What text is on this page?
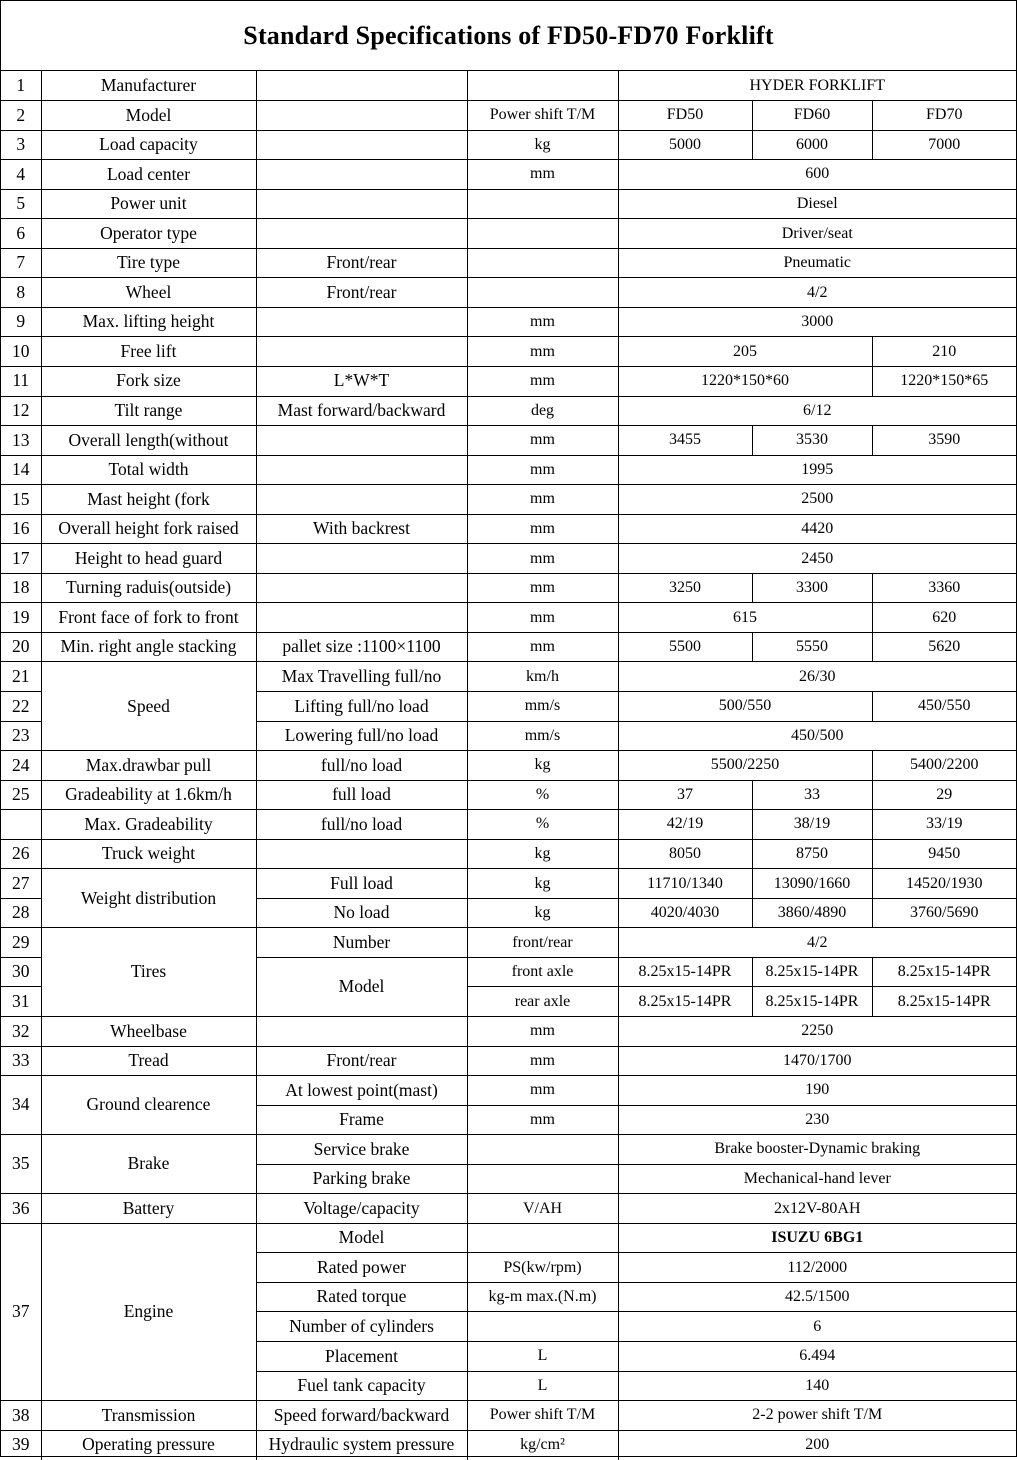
Standard Specifications of FD50-FD70 Forklift
1	Manufacturer			HYDER FORKLIFT		
2	Model		Power shift T/M	FD50	FD60	FD70
3	Load capacity		kg	5000	6000	7000
4	Load center		mm	600		
5	Power unit			Diesel		
6	Operator type			Driver/seat		
7	Tire type	Front/rear		Pneumatic		
8	Wheel	Front/rear		4/2		
9	Max. lifting height		mm	3000		
10	Free lift		mm	205		210
11	Fork size	L*W*T	mm	1220*150*60		1220*150*65
12	Tilt range	Mast forward/backward	deg	6/12		
13	Overall length(without		mm	3455	3530	3590
14	Total width		mm	1995		
15	Mast height (fork		mm	2500		
16	Overall height fork raised	With backrest	mm	4420		
17	Height to head guard		mm	2450		
18	Turning raduis(outside)		mm	3250	3300	3360
19	Front face of fork to front		mm	615		620
20	Min. right angle stacking	pallet size :1100×1100	mm	5500	5550	5620
21	Speed	Max Travelling full/no	km/h	26/30		
22		Lifting full/no load	mm/s	500/550		450/550
23		Lowering full/no load	mm/s	450/500		
24	Max.drawbar pull	full/no load	kg	5500/2250		5400/2200
25	Gradeability at 1.6km/h	full load	%	37	33	29
	Max. Gradeability	full/no load	%	42/19	38/19	33/19
26	Truck weight		kg	8050	8750	9450
27	Weight distribution	Full load	kg	11710/1340	13090/1660	14520/1930
28		No load	kg	4020/4030	3860/4890	3760/5690
29	Tires	Number	front/rear	4/2		
30		Model	front axle	8.25x15-14PR	8.25x15-14PR	8.25x15-14PR
31			rear axle	8.25x15-14PR	8.25x15-14PR	8.25x15-14PR
32	Wheelbase		mm	2250		
33	Tread	Front/rear	mm	1470/1700		
34	Ground clearence	At lowest point(mast)	mm	190		
		Frame	mm	230		
35	Brake	Service brake		Brake booster-Dynamic braking		
		Parking brake		Mechanical-hand lever		
36	Battery	Voltage/capacity	V/AH	2x12V-80AH		
37	Engine	Model		ISUZU 6BG1		
		Rated power	PS(kw/rpm)	112/2000		
		Rated torque	kg-m max.(N.m)	42.5/1500		
		Number of cylinders		6		
		Placement	L	6.494		
		Fuel tank capacity	L	140		
38	Transmission	Speed forward/backward	Power shift T/M	2-2 power shift T/M		
39	Operating pressure	Hydraulic system pressure	kg/cm²	200		
